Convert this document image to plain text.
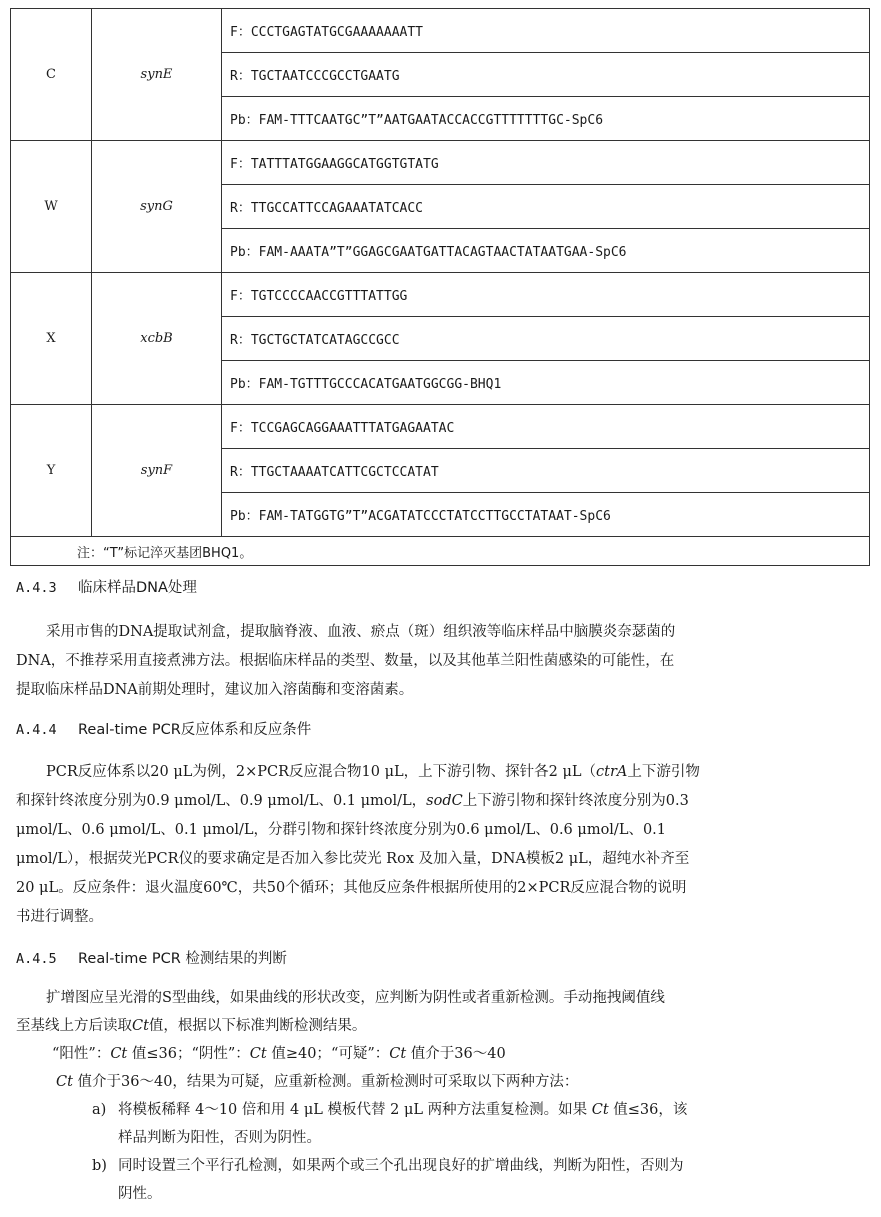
C	synE	F：CCCTGAGTATGCGAAAAAAATT
		R：TGCTAATCCCGCCTGAATG
		Pb：FAM-TTTCAATGC”T”AATGAATACCACCGTTTTTTTGC-SpC6
W	synG	F：TATTTATGGAAGGCATGGTGTATG
		R：TTGCCATTCCAGAAATATCACC
		Pb：FAM-AAATA”T”GGAGCGAATGATTACAGTAACTATAATGAA-SpC6
X	xcbB	F：TGTCCCCAACCGTTTATTGG
		R：TGCTGCTATCATAGCCGCC
		Pb：FAM-TGTTTGCCCACATGAATGGCGG-BHQ1
Y	synF	F：TCCGAGCAGGAAATTTATGAGAATAC
		R：TTGCTAAAATCATTCGCTCCATAT
		Pb：FAM-TATGGTG”T”ACGATATCCCTATCCTTGCCTATAAT-SpC6
注：“T”标记淬灭基团BHQ1。		
A.4.3 临床样品DNA处理
采用市售的DNA提取试剂盒，提取脑脊液、血液、瘀点（斑）组织液等临床样品中脑膜炎奈瑟菌的
DNA，不推荐采用直接煮沸方法。根据临床样品的类型、数量，以及其他革兰阳性菌感染的可能性，在
提取临床样品DNA前期处理时，建议加入溶菌酶和变溶菌素。
A.4.4 Real-time PCR反应体系和反应条件
PCR反应体系以20 μL为例，2×PCR反应混合物10 μL，上下游引物、探针各2 μL（ctrA上下游引物
和探针终浓度分别为0.9 μmol/L、0.9 μmol/L、0.1 μmol/L，sodC上下游引物和探针终浓度分别为0.3
μmol/L、0.6 μmol/L、0.1 μmol/L，分群引物和探针终浓度分别为0.6 μmol/L、0.6 μmol/L、0.1
μmol/L），根据荧光PCR仪的要求确定是否加入参比荧光 Rox 及加入量，DNA模板2 μL，超纯水补齐至
20 μL。反应条件：退火温度60℃，共50个循环；其他反应条件根据所使用的2×PCR反应混合物的说明
书进行调整。
A.4.5 Real-time PCR 检测结果的判断
扩增图应呈光滑的S型曲线，如果曲线的形状改变，应判断为阴性或者重新检测。手动拖拽阈值线
至基线上方后读取Ct值，根据以下标准判断检测结果。
“阳性”：Ct 值≤36；“阴性”：Ct 值≥40；“可疑”：Ct 值介于36～40
Ct 值介于36～40，结果为可疑，应重新检测。重新检测时可采取以下两种方法：
a) 将模板稀释 4～10 倍和用 4 μL 模板代替 2 μL 两种方法重复检测。如果 Ct 值≤36，该
样品判断为阳性，否则为阴性。
b) 同时设置三个平行孔检测，如果两个或三个孔出现良好的扩增曲线，判断为阳性，否则为
阴性。
